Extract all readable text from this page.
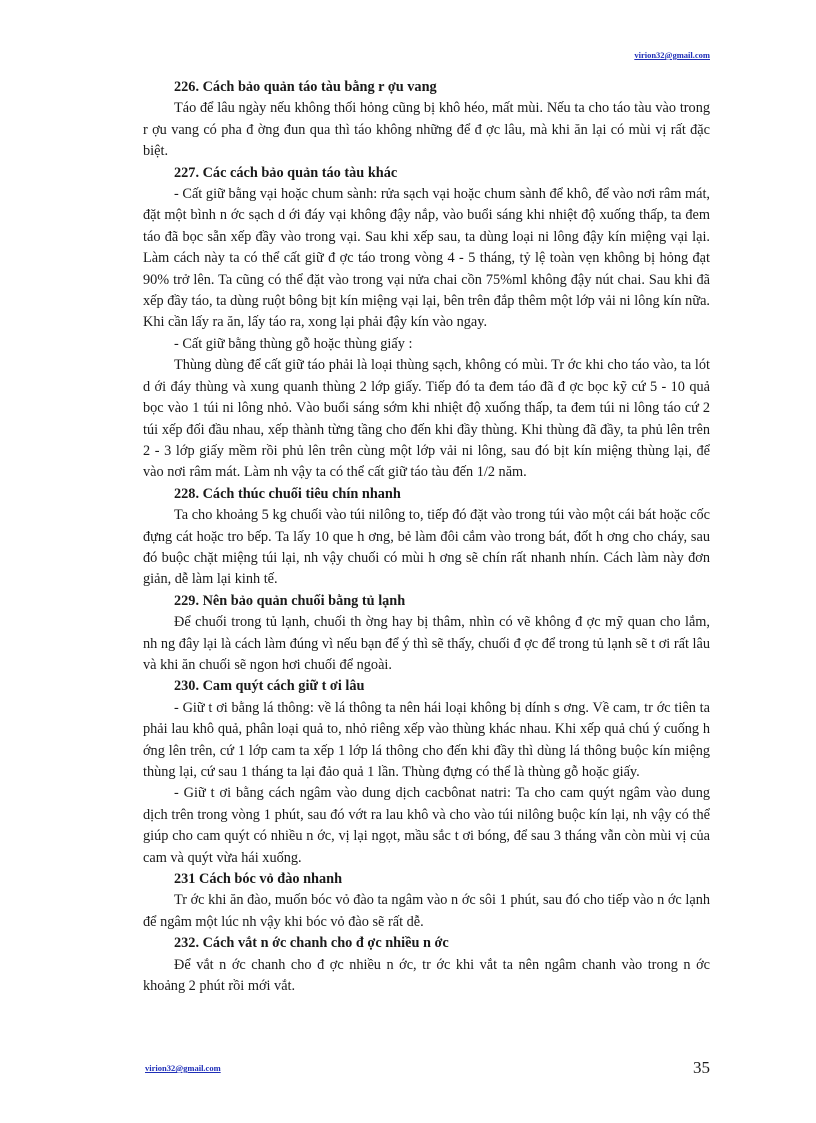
virion32@gmail.com
226. Cách bảo quản táo tàu bằng r ợu vang

Táo để lâu ngày nếu không thối hỏng cũng bị khô héo, mất mùi. Nếu ta cho táo tàu vào trong r ợu vang có pha đ ờng đun qua thì táo không những để đ ợc lâu, mà khi ăn lại có mùi vị rất đặc biệt.

227. Các cách bảo quản táo tàu khác

- Cất giữ bằng vại hoặc chum sành: rửa sạch vại hoặc chum sành để khô, để vào nơi râm mát, đặt một bình n ớc sạch d ới đáy vại không đậy nắp, vào buổi sáng khi nhiệt độ xuống thấp, ta đem táo đã bọc sẵn xếp đầy vào trong vại. Sau khi xếp sau, ta dùng loại ni lông đậy kín miệng vại lại. Làm cách này ta có thể cất giữ đ ợc táo trong vòng 4 - 5 tháng, tỷ lệ toàn vẹn không bị hỏng đạt 90% trở lên. Ta cũng có thể đặt vào trong vại nửa chai cồn 75%ml không đậy nút chai. Sau khi đã xếp đầy táo, ta dùng ruột bông bịt kín miệng vại lại, bên trên đắp thêm một lớp vải ni lông kín nữa. Khi cần lấy ra ăn, lấy táo ra, xong lại phải đậy kín vào ngay.

- Cất giữ bằng thùng gỗ hoặc thùng giấy :

Thùng dùng để cất giữ táo phải là loại thùng sạch, không có mùi. Tr ớc khi cho táo vào, ta lót d ới đáy thùng và xung quanh thùng 2 lớp giấy. Tiếp đó ta đem táo đã đ ợc bọc kỹ cứ 5 - 10 quả bọc vào 1 túi ni lông nhỏ. Vào buổi sáng sớm khi nhiệt độ xuống thấp, ta đem túi ni lông táo cứ 2 túi xếp đối đầu nhau, xếp thành từng tầng cho đến khi đầy thùng. Khi thùng đã đầy, ta phủ lên trên 2 - 3 lớp giấy mềm rồi phủ lên trên cùng một lớp vải ni lông, sau đó bịt kín miệng thùng lại, để vào nơi râm mát. Làm nh vậy ta có thể cất giữ táo tàu đến 1/2 năm.

228. Cách thúc chuối tiêu chín nhanh

Ta cho khoảng 5 kg chuối vào túi nilông to, tiếp đó đặt vào trong túi vào một cái bát hoặc cốc đựng cát hoặc tro bếp. Ta lấy 10 que h ơng, bẻ làm đôi cắm vào trong bát, đốt h ơng cho cháy, sau đó buộc chặt miệng túi lại, nh vậy chuối có mùi h ơng sẽ chín rất nhanh nhín. Cách làm này đơn giản, dễ làm lại kinh tế.

229. Nên bảo quản chuối bằng tủ lạnh

Để chuối trong tủ lạnh, chuối th ờng hay bị thâm, nhìn có vẽ không đ ợc mỹ quan cho lắm, nh ng đây lại là cách làm đúng vì nếu bạn để ý thì sẽ thấy, chuối đ ợc để trong tủ lạnh sẽ t ơi rất lâu và khi ăn chuối sẽ ngon hơi chuối để ngoài.

230. Cam quýt cách giữ t ơi lâu

- Giữ t ơi bằng lá thông: về lá thông ta nên hái loại không bị dính s ơng. Về cam, tr ớc tiên ta phải lau khô quả, phân loại quả to, nhỏ riêng xếp vào thùng khác nhau. Khi xếp quả chú ý cuống h ớng lên trên, cứ 1 lớp cam ta xếp 1 lớp lá thông cho đến khi đầy thì dùng lá thông buộc kín miệng thùng lại, cứ sau 1 tháng ta lại đảo quả 1 lần. Thùng đựng có thể là thùng gỗ hoặc giấy.

- Giữ t ơi bằng cách ngâm vào dung dịch cacbônat natri: Ta cho cam quýt ngâm vào dung dịch trên trong vòng 1 phút, sau đó vớt ra lau khô và cho vào túi nilông buộc kín lại, nh vậy có thể giúp cho cam quýt có nhiều n ớc, vị lại ngọt, mầu sắc t ơi bóng, để sau 3 tháng vẫn còn mùi vị của cam và quýt vừa hái xuống.

231 Cách bóc vỏ đào nhanh

Tr ớc khi ăn đào, muốn bóc vỏ đào ta ngâm vào n ớc sôi 1 phút, sau đó cho tiếp vào n ớc lạnh để ngâm một lúc nh vậy khi bóc vỏ đào sẽ rất dễ.

232. Cách vắt n ớc chanh cho đ ợc nhiều n ớc

Để vắt n ớc chanh cho đ ợc nhiều n ớc, tr ớc khi vắt ta nên ngâm chanh vào trong n ớc khoảng 2 phút rồi mới vắt.

virion32@gmail.com	35
